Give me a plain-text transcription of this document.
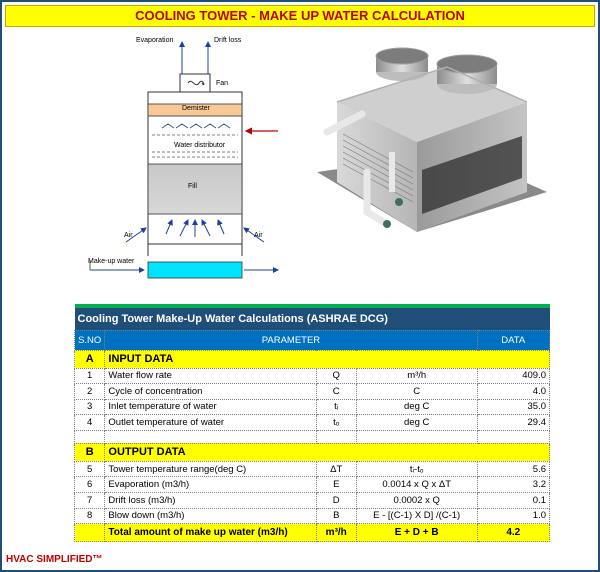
COOLING TOWER - MAKE UP WATER CALCULATION
Evaporation	Drift loss
Fan
Demister
Water distributor
Fill
Air	Air
Make-up water

Cooling Tower Make-Up Water Calculations (ASHRAE DCG)				
S.NO	PARAMETER			DATA
A	INPUT DATA			
1	Water flow rate	Q	m³/h	409.0
2	Cycle of concentration	C	C	4.0
3	Inlet temperature of water	tᵢ	deg C	35.0
4	Outlet temperature of water	tₒ	deg C	29.4

B	OUTPUT DATA			
5	Tower temperature range(deg C)	ΔT	tᵢ-tₒ	5.6
6	Evaporation (m3/h)	E	0.0014 x Q x ΔT	3.2
7	Drift loss (m3/h)	D	0.0002 x Q	0.1
8	Blow down (m3/h)	B	E - [(C-1) X D] /(C-1)	1.0
	Total amount of make up water (m3/h)	m³/h	E + D + B	4.2
HVAC SIMPLIFIED™
